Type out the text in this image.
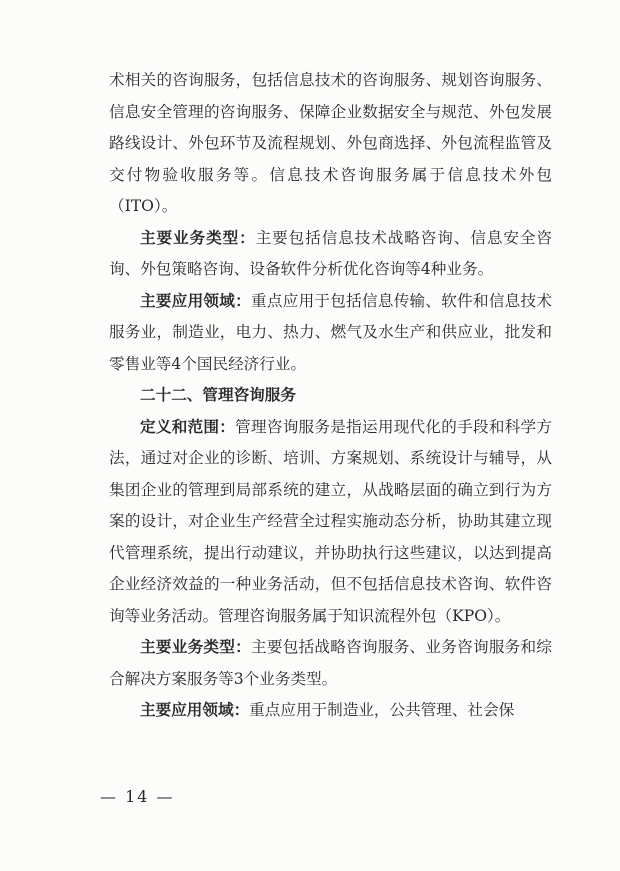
术相关的咨询服务，包括信息技术的咨询服务、规划咨询服务、信息安全管理的咨询服务、保障企业数据安全与规范、外包发展路线设计、外包环节及流程规划、外包商选择、外包流程监管及交付物验收服务等。信息技术咨询服务属于信息技术外包（ITO）。

主要业务类型：主要包括信息技术战略咨询、信息安全咨询、外包策略咨询、设备软件分析优化咨询等4种业务。

主要应用领域：重点应用于包括信息传输、软件和信息技术服务业，制造业，电力、热力、燃气及水生产和供应业，批发和零售业等4个国民经济行业。

二十二、管理咨询服务

定义和范围：管理咨询服务是指运用现代化的手段和科学方法，通过对企业的诊断、培训、方案规划、系统设计与辅导，从集团企业的管理到局部系统的建立，从战略层面的确立到行为方案的设计，对企业生产经营全过程实施动态分析，协助其建立现代管理系统，提出行动建议，并协助执行这些建议，以达到提高企业经济效益的一种业务活动，但不包括信息技术咨询、软件咨询等业务活动。管理咨询服务属于知识流程外包（KPO）。

主要业务类型：主要包括战略咨询服务、业务咨询服务和综合解决方案服务等3个业务类型。

主要应用领域：重点应用于制造业，公共管理、社会保

— 14 —
